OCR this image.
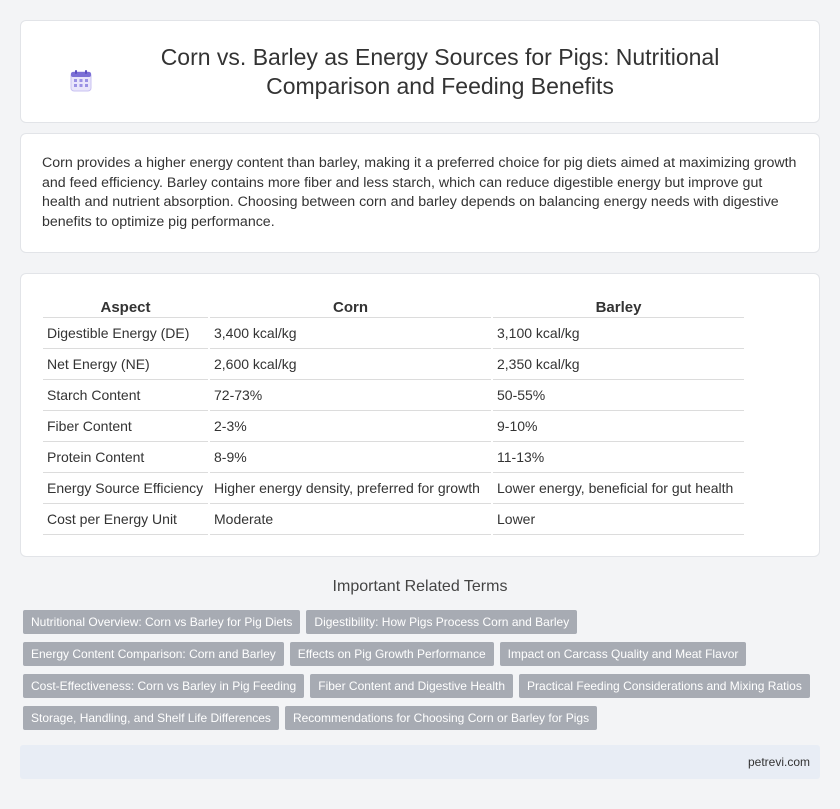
Corn vs. Barley as Energy Sources for Pigs: Nutritional Comparison and Feeding Benefits

Corn provides a higher energy content than barley, making it a preferred choice for pig diets aimed at maximizing growth and feed efficiency. Barley contains more fiber and less starch, which can reduce digestible energy but improve gut health and nutrient absorption. Choosing between corn and barley depends on balancing energy needs with digestive benefits to optimize pig performance.

Aspect	Corn	Barley
Digestible Energy (DE)	3,400 kcal/kg	3,100 kcal/kg
Net Energy (NE)	2,600 kcal/kg	2,350 kcal/kg
Starch Content	72-73%	50-55%
Fiber Content	2-3%	9-10%
Protein Content	8-9%	11-13%
Energy Source Efficiency	Higher energy density, preferred for growth	Lower energy, beneficial for gut health
Cost per Energy Unit	Moderate	Lower
Important Related Terms
Nutritional Overview: Corn vs Barley for Pig Diets	Digestibility: How Pigs Process Corn and Barley
Energy Content Comparison: Corn and Barley	Effects on Pig Growth Performance	Impact on Carcass Quality and Meat Flavor
Cost-Effectiveness: Corn vs Barley in Pig Feeding	Fiber Content and Digestive Health	Practical Feeding Considerations and Mixing Ratios
Storage, Handling, and Shelf Life Differences	Recommendations for Choosing Corn or Barley for Pigs
petrevi.com
